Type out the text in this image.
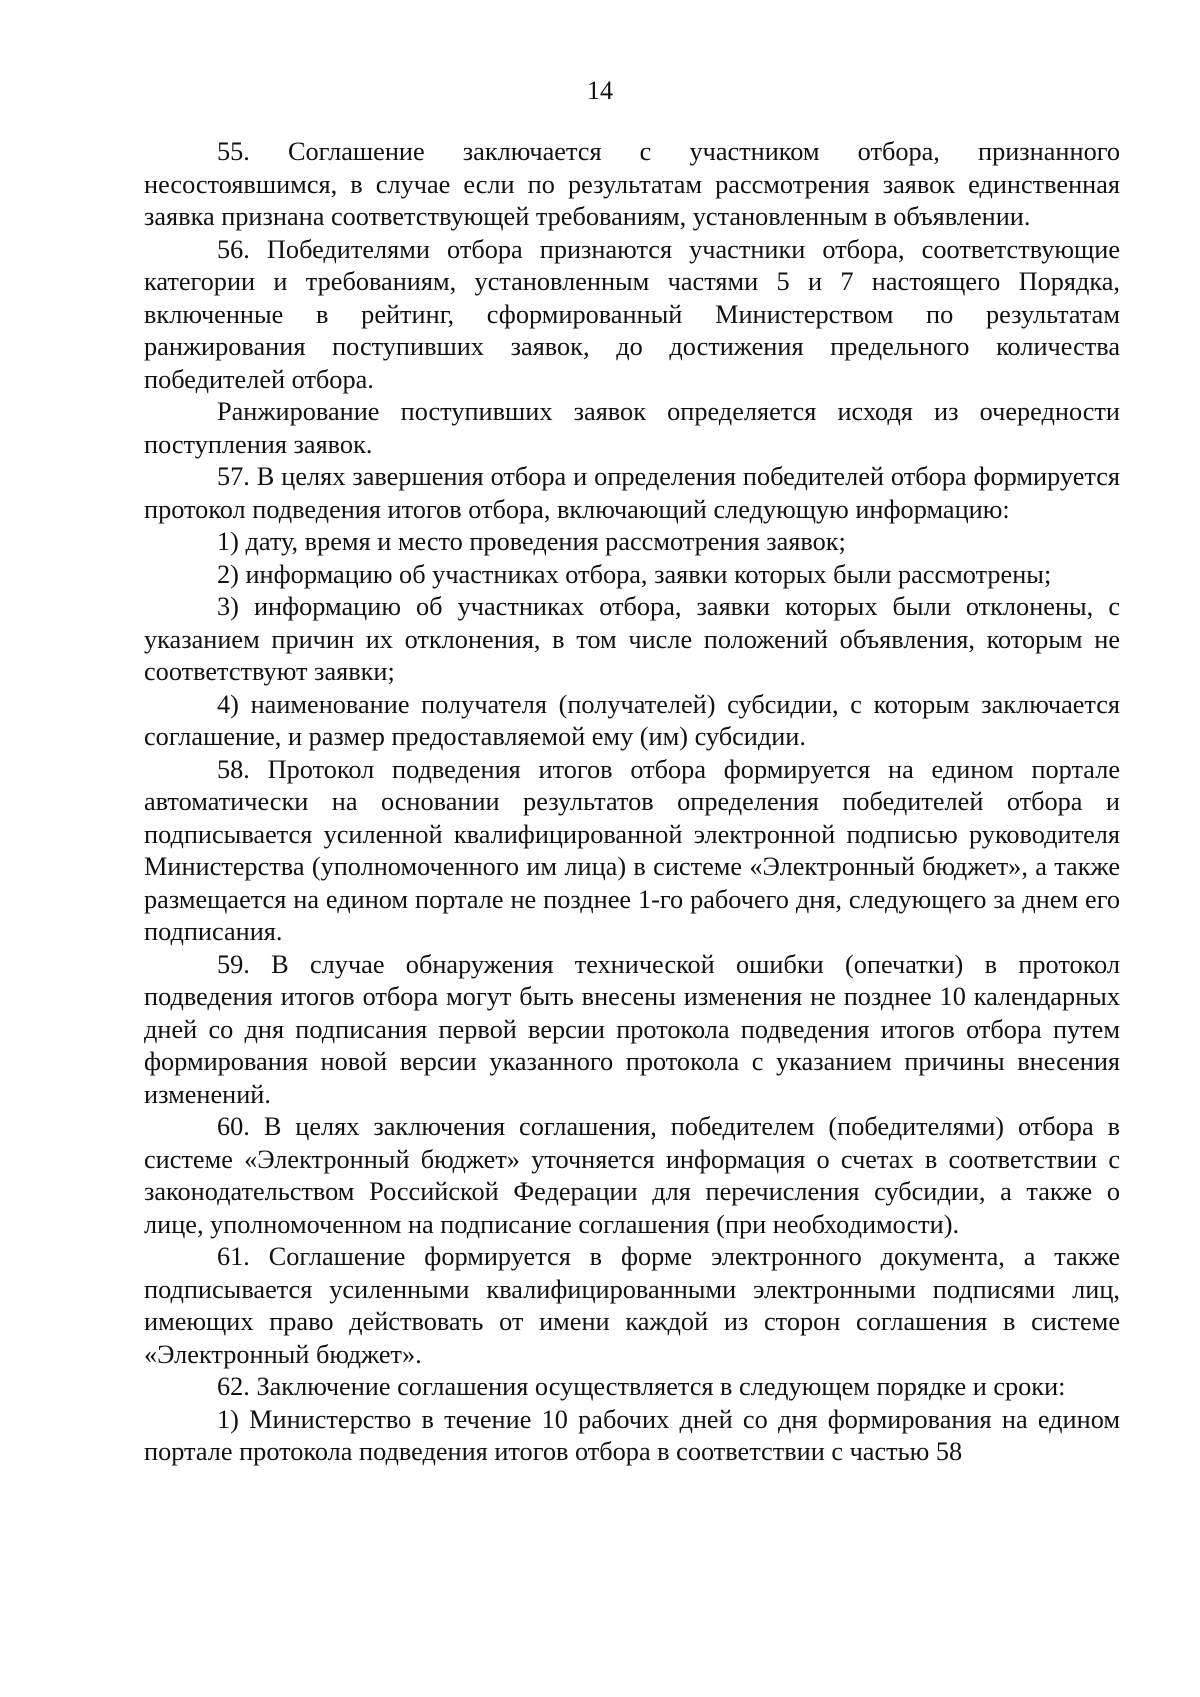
14

55. Соглашение заключается с участником отбора, признанного несостоявшимся, в случае если по результатам рассмотрения заявок единственная заявка признана соответствующей требованиям, установленным в объявлении.

56. Победителями отбора признаются участники отбора, соответствующие категории и требованиям, установленным частями 5 и 7 настоящего Порядка, включенные в рейтинг, сформированный Министерством по результатам ранжирования поступивших заявок, до достижения предельного количества победителей отбора.

Ранжирование поступивших заявок определяется исходя из очередности поступления заявок.

57. В целях завершения отбора и определения победителей отбора формируется протокол подведения итогов отбора, включающий следующую информацию:

1) дату, время и место проведения рассмотрения заявок;

2) информацию об участниках отбора, заявки которых были рассмотрены;

3) информацию об участниках отбора, заявки которых были отклонены, с указанием причин их отклонения, в том числе положений объявления, которым не соответствуют заявки;

4) наименование получателя (получателей) субсидии, с которым заключается соглашение, и размер предоставляемой ему (им) субсидии.

58. Протокол подведения итогов отбора формируется на едином портале автоматически на основании результатов определения победителей отбора и подписывается усиленной квалифицированной электронной подписью руководителя Министерства (уполномоченного им лица) в системе «Электронный бюджет», а также размещается на едином портале не позднее 1-го рабочего дня, следующего за днем его подписания.

59. В случае обнаружения технической ошибки (опечатки) в протокол подведения итогов отбора могут быть внесены изменения не позднее 10 календарных дней со дня подписания первой версии протокола подведения итогов отбора путем формирования новой версии указанного протокола с указанием причины внесения изменений.

60. В целях заключения соглашения, победителем (победителями) отбора в системе «Электронный бюджет» уточняется информация о счетах в соответствии с законодательством Российской Федерации для перечисления субсидии, а также о лице, уполномоченном на подписание соглашения (при необходимости).

61. Соглашение формируется в форме электронного документа, а также подписывается усиленными квалифицированными электронными подписями лиц, имеющих право действовать от имени каждой из сторон соглашения в системе «Электронный бюджет».

62. Заключение соглашения осуществляется в следующем порядке и сроки:

1) Министерство в течение 10 рабочих дней со дня формирования на едином портале протокола подведения итогов отбора в соответствии с частью 58
